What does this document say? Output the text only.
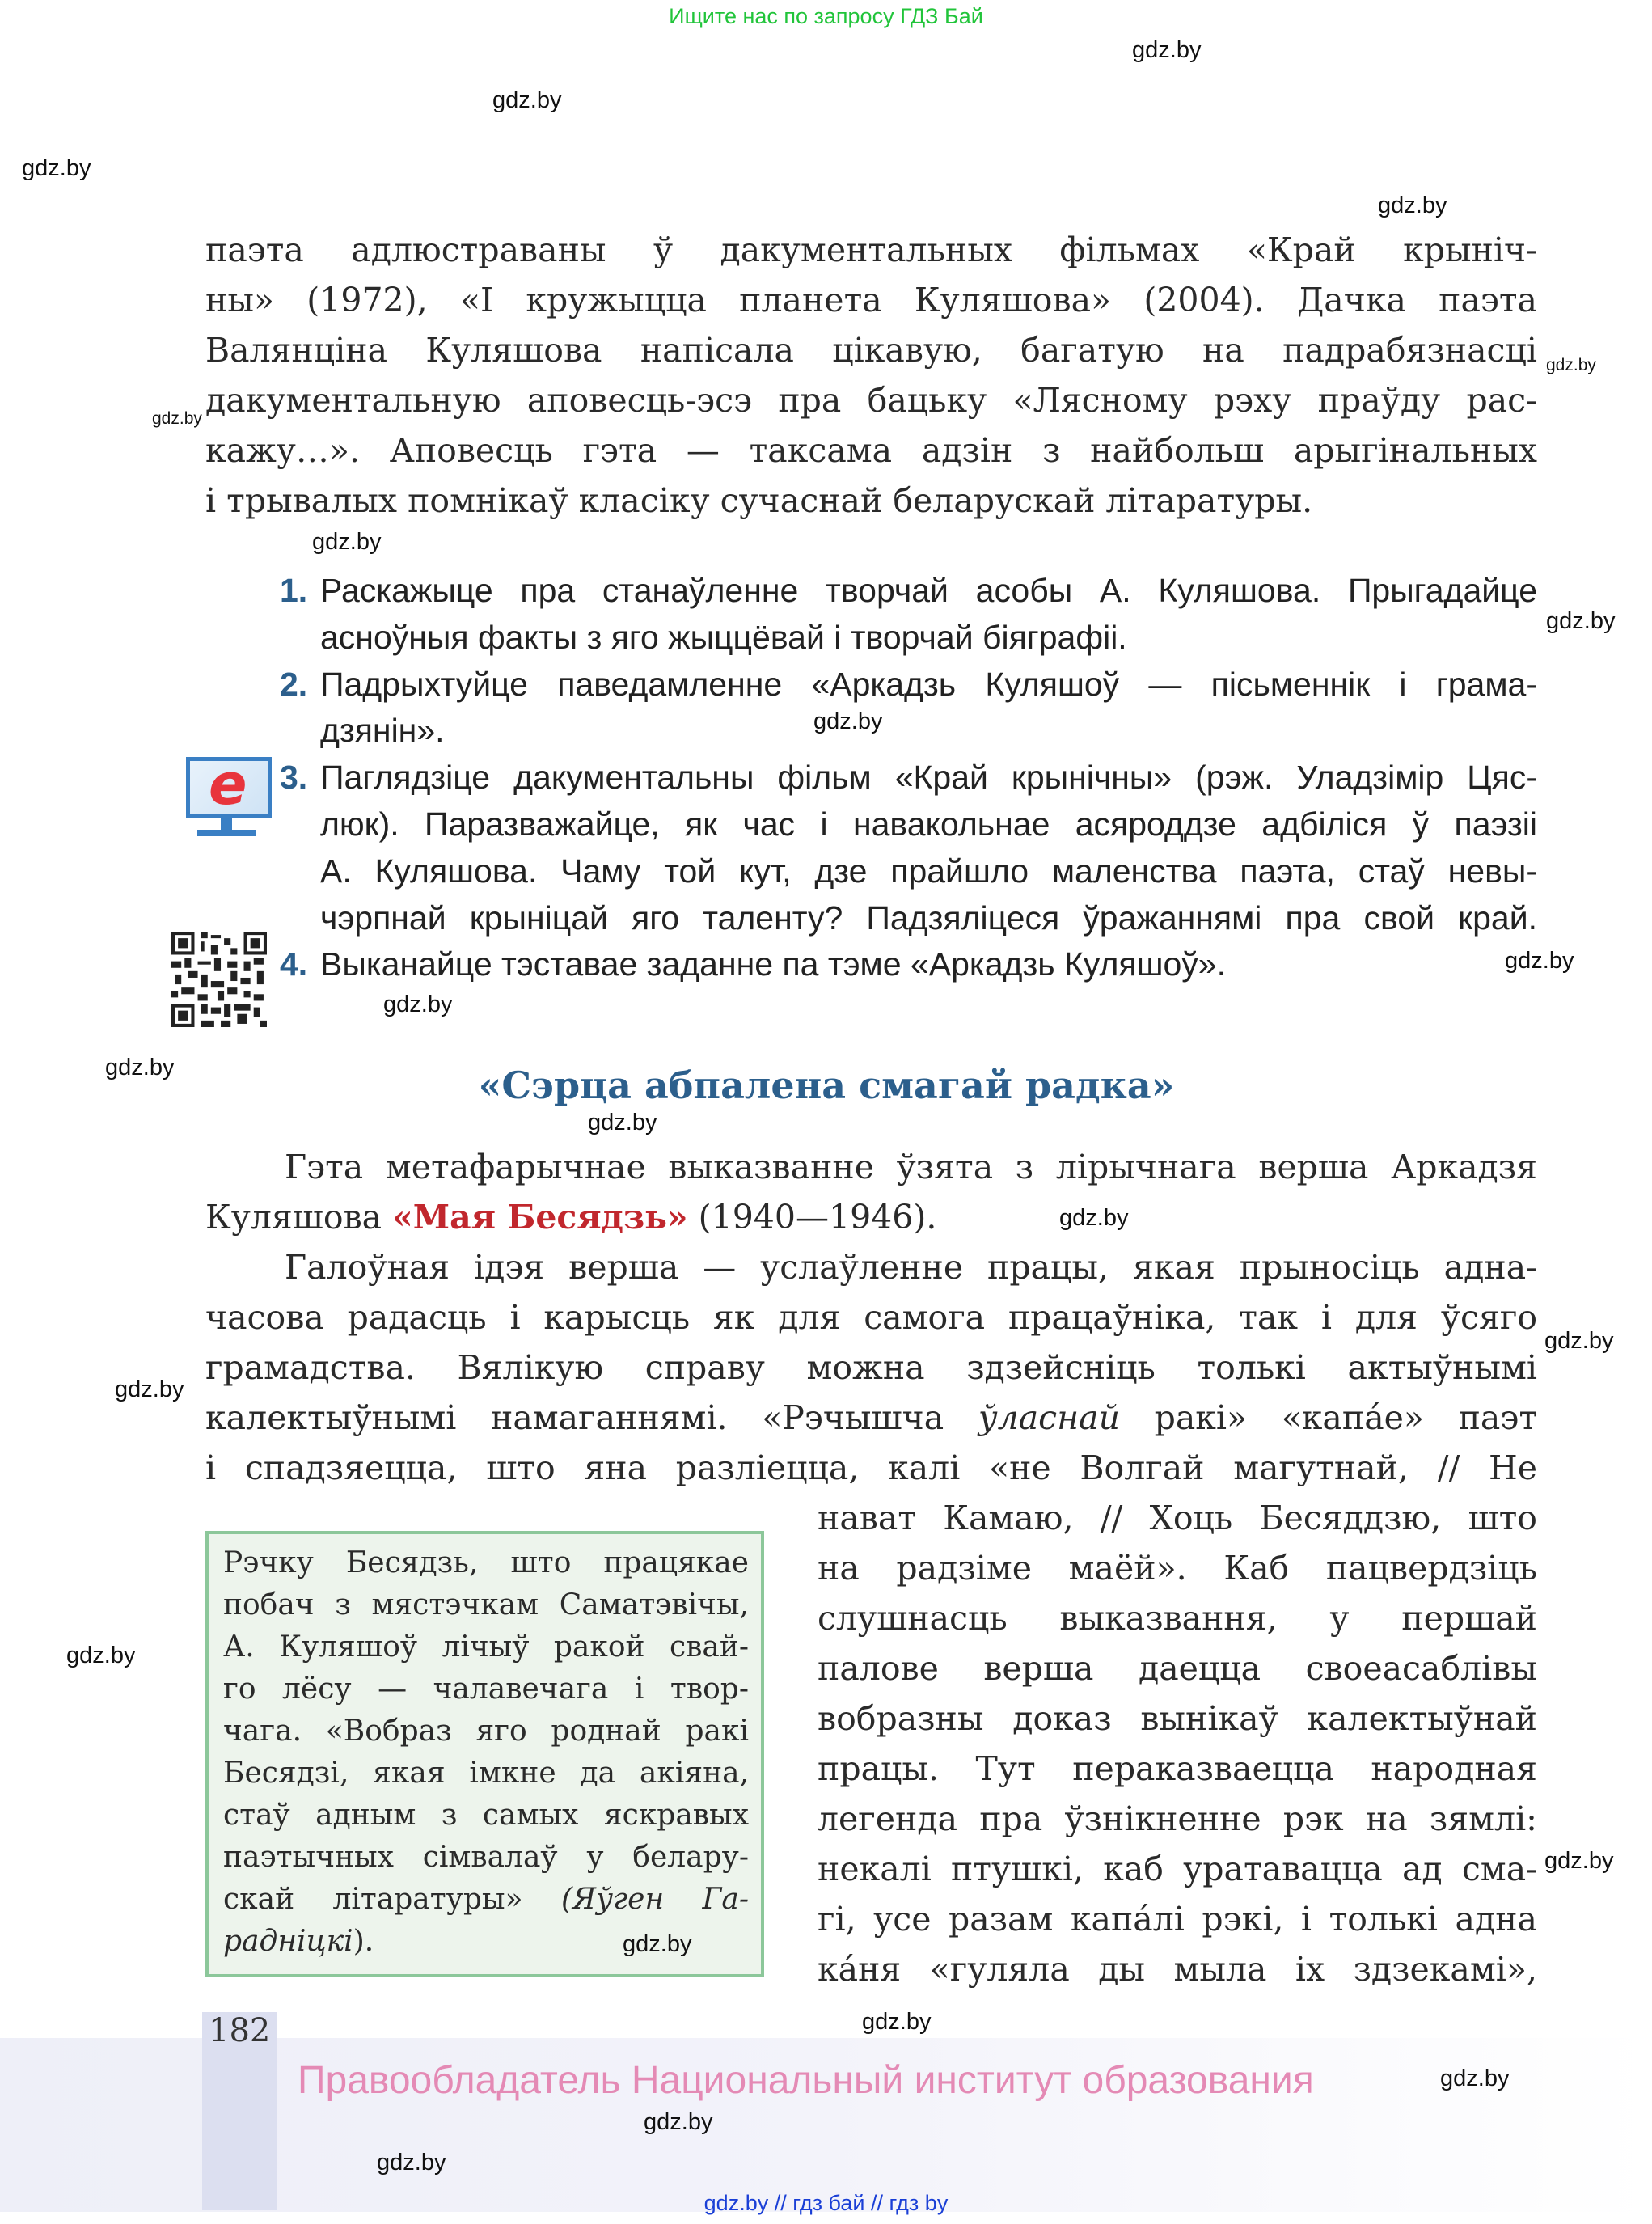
Ищите нас по запросу ГДЗ Бай
паэта адлюстраваны ў дакументальных фільмах «Край крыніч-
ны» (1972), «І кружыцца планета Куляшова» (2004). Дачка паэта
Валянціна Куляшова напісала цікавую, багатую на падрабязнасці
дакументальную аповесць-эсэ пра бацьку «Лясному рэху праўду рас-
кажу…». Аповесць гэта — таксама адзін з найбольш арыгінальных
і трывалых помнікаў класіку сучаснай беларускай літаратуры.
1. Раскажыце пра станаўленне творчай асобы А. Куляшова. Прыгадайце
асноўныя факты з яго жыццёвай і творчай біяграфіі.
2. Падрыхтуйце паведамленне «Аркадзь Куляшоў — пісьменнік і грама-
дзянін».
3. Паглядзіце дакументальны фільм «Край крынічны» (рэж. Уладзімір Цяс-
люк). Паразважайце, як час і навакольнае асяроддзе адбіліся ў паэзіі
А. Куляшова. Чаму той кут, дзе прайшло маленства паэта, стаў невы-
чэрпнай крыніцай яго таленту? Падзяліцеся ўражаннямі пра свой край.
4. Выканайце тэставае заданне па тэме «Аркадзь Куляшоў».
e
«Сэрца абпалена смагай радка»
Гэта метафарычнае выказванне ўзята з лірычнага верша Аркадзя
Куляшова «Мая Бесядзь» (1940—1946).
Галоўная ідэя верша — услаўленне працы, якая прыносіць адна-
часова радасць і карысць як для самога працаўніка, так і для ўсяго
грамадства. Вялікую справу можна здзейсніць толькі актыўнымі
калектыўнымі намаганнямі. «Рэчышча ўласнай ракі» «капáе» паэт
і спадзяецца, што яна разліецца, калі «не Волгай магутнай, // Не
нават Камаю, // Хоць Бесяддзю, што
на радзіме маёй». Каб пацвердзіць
слушнасць выказвання, у першай
палове верша даецца своеасаблівы
вобразны доказ вынікаў калектыўнай
працы. Тут пераказваецца народная
легенда пра ўзнікненне рэк на зямлі:
некалі птушкі, каб уратавацца ад сма-
гі, усе разам капáлі рэкі, і толькі адна
кáня «гуляла ды мыла іх здзекамі»,
Рэчку Бесядзь, што працякае
побач з мястэчкам Саматэвічы,
А. Куляшоў лічыў ракой свай-
го лёсу — чалавечага і твор-
чага. «Вобраз яго роднай ракі
Бесядзі, якая імкне да акіяна,
стаў адным з самых яскравых
паэтычных сімвалаў у белару-
скай літаратуры» (Яўген Га-
радніцкі).
182
Правообладатель Национальный институт образования
gdz.by // гдз бай // гдз by
gdz.by
gdz.by
gdz.by
gdz.by
gdz.by
gdz.by
gdz.by
gdz.by
gdz.by
gdz.by
gdz.by
gdz.by
gdz.by
gdz.by
gdz.by
gdz.by
gdz.by
gdz.by
gdz.by
gdz.by
gdz.by
gdz.by
gdz.by
